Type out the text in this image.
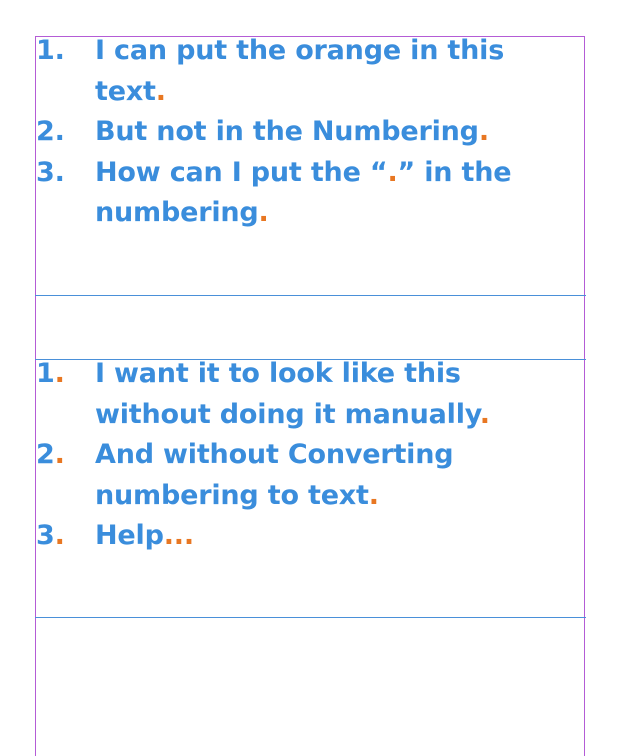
1.	I can put the orange in this text.
2.	But not in the Numbering.
3.	How can I put the “.” in the numbering.
1.	I want it to look like this without doing it manually.
2.	And without Converting numbering to text.
3.	Help...
